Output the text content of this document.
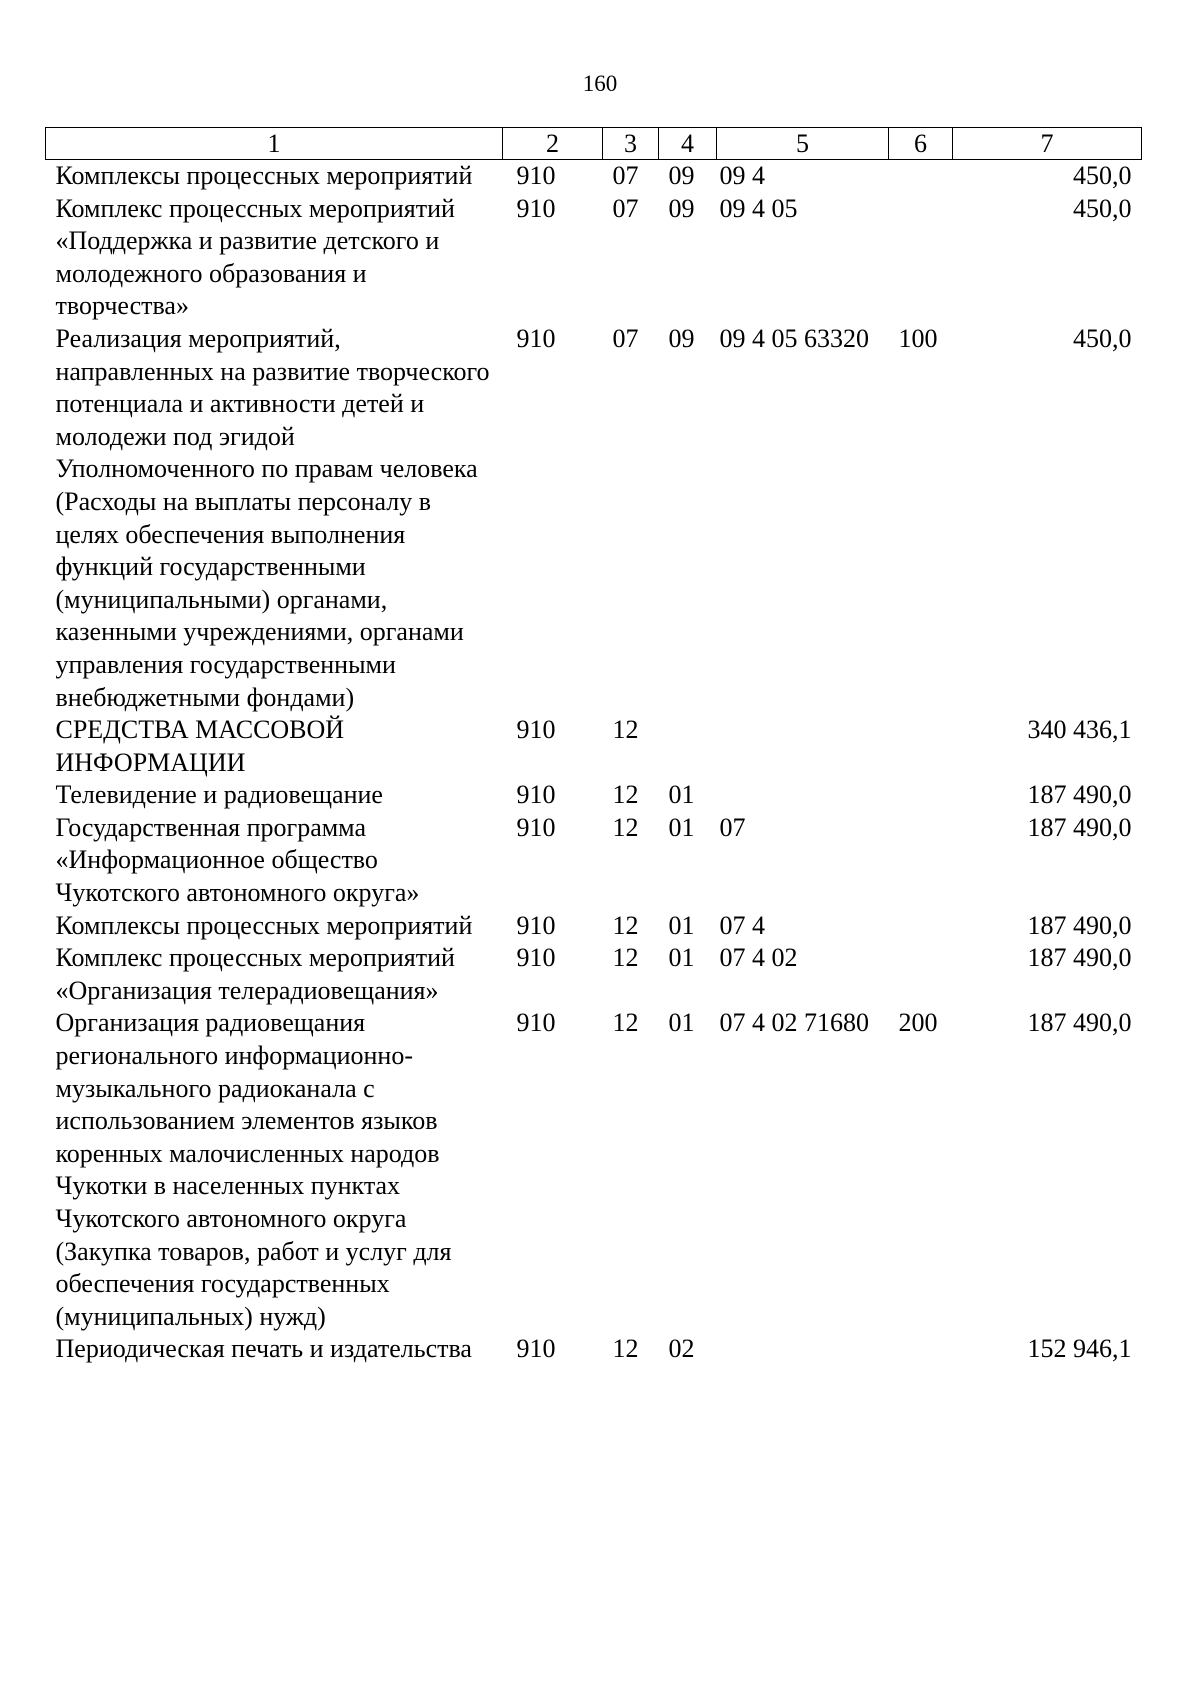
160
1	2	3	4	5	6	7
Комплексы процессных мероприятий	910	07	09	09 4		450,0
Комплекс процессных мероприятий «Поддержка и развитие детского и молодежного образования и творчества»	910	07	09	09 4 05		450,0
Реализация мероприятий, направленных на развитие творческого потенциала и активности детей и молодежи под эгидой Уполномоченного по правам человека (Расходы на выплаты персоналу в целях обеспечения выполнения функций государственными (муниципальными) органами, казенными учреждениями, органами управления государственными внебюджетными фондами)	910	07	09	09 4 05 63320	100	450,0
СРЕДСТВА МАССОВОЙ ИНФОРМАЦИИ	910	12				340 436,1
Телевидение и радиовещание	910	12	01			187 490,0
Государственная программа «Информационное общество Чукотского автономного округа»	910	12	01	07		187 490,0
Комплексы процессных мероприятий	910	12	01	07 4		187 490,0
Комплекс процессных мероприятий «Организация телерадиовещания»	910	12	01	07 4 02		187 490,0
Организация радиовещания регионального информационно-музыкального радиоканала с использованием элементов языков коренных малочисленных народов Чукотки в населенных пунктах Чукотского автономного округа (Закупка товаров, работ и услуг для обеспечения государственных (муниципальных) нужд)	910	12	01	07 4 02 71680	200	187 490,0
Периодическая печать и издательства	910	12	02			152 946,1
